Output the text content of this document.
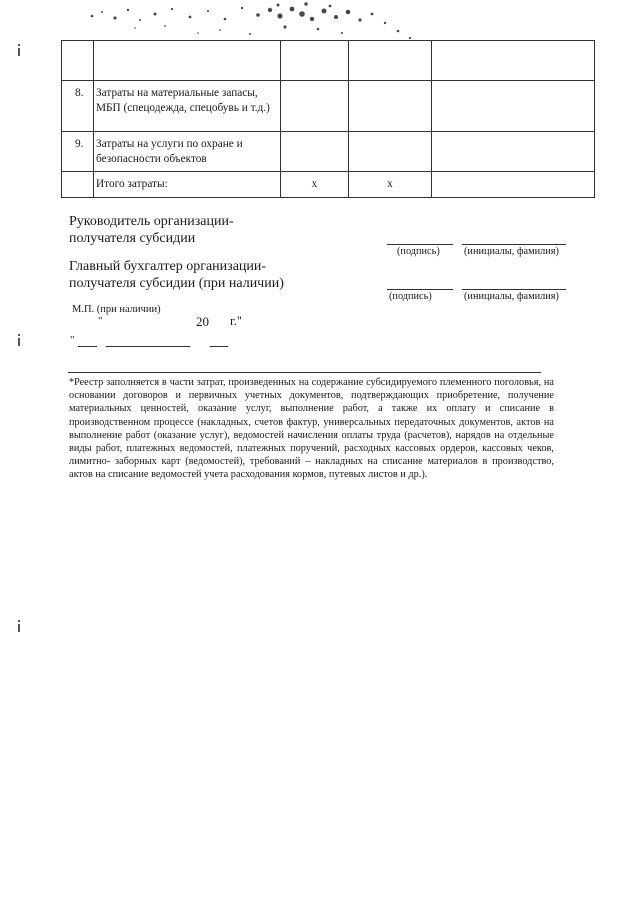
8.	Затраты на материальные запасы, МБП (спецодежда, спецобувь и т.д.)			

9.	Затраты на услуги по охране и безопасности объектов			

	Итого затраты:	х	х	

Руководитель организации-
получателя субсидии
(подпись) (инициалы, фамилия)
Главный бухгалтер организации-
получателя субсидии (при наличии)
(подпись)	(инициалы, фамилия)
М.П. (при наличии)
"	20 г."
"
*Реестр заполняется в части затрат, произведенных на содержание субсидируемого племенного поголовья, на основании договоров и первичных учетных документов, подтверждающих приобретение, получение материальных ценностей, оказание услуг, выполнение работ, а также их оплату и списание в производственном процессе (накладных, счетов фактур, универсальных передаточных документов, актов на выполнение работ (оказание услуг), ведомостей начисления оплаты труда (расчетов), нарядов на отдельные виды работ, платежных ведомостей, платежных поручений, расходных кассовых ордеров, кассовых чеков, лимитно- заборных карт (ведомостей), требований – накладных на списание материалов в производство, актов на списание ведомостей учета расходования кормов, путевых листов и др.).
